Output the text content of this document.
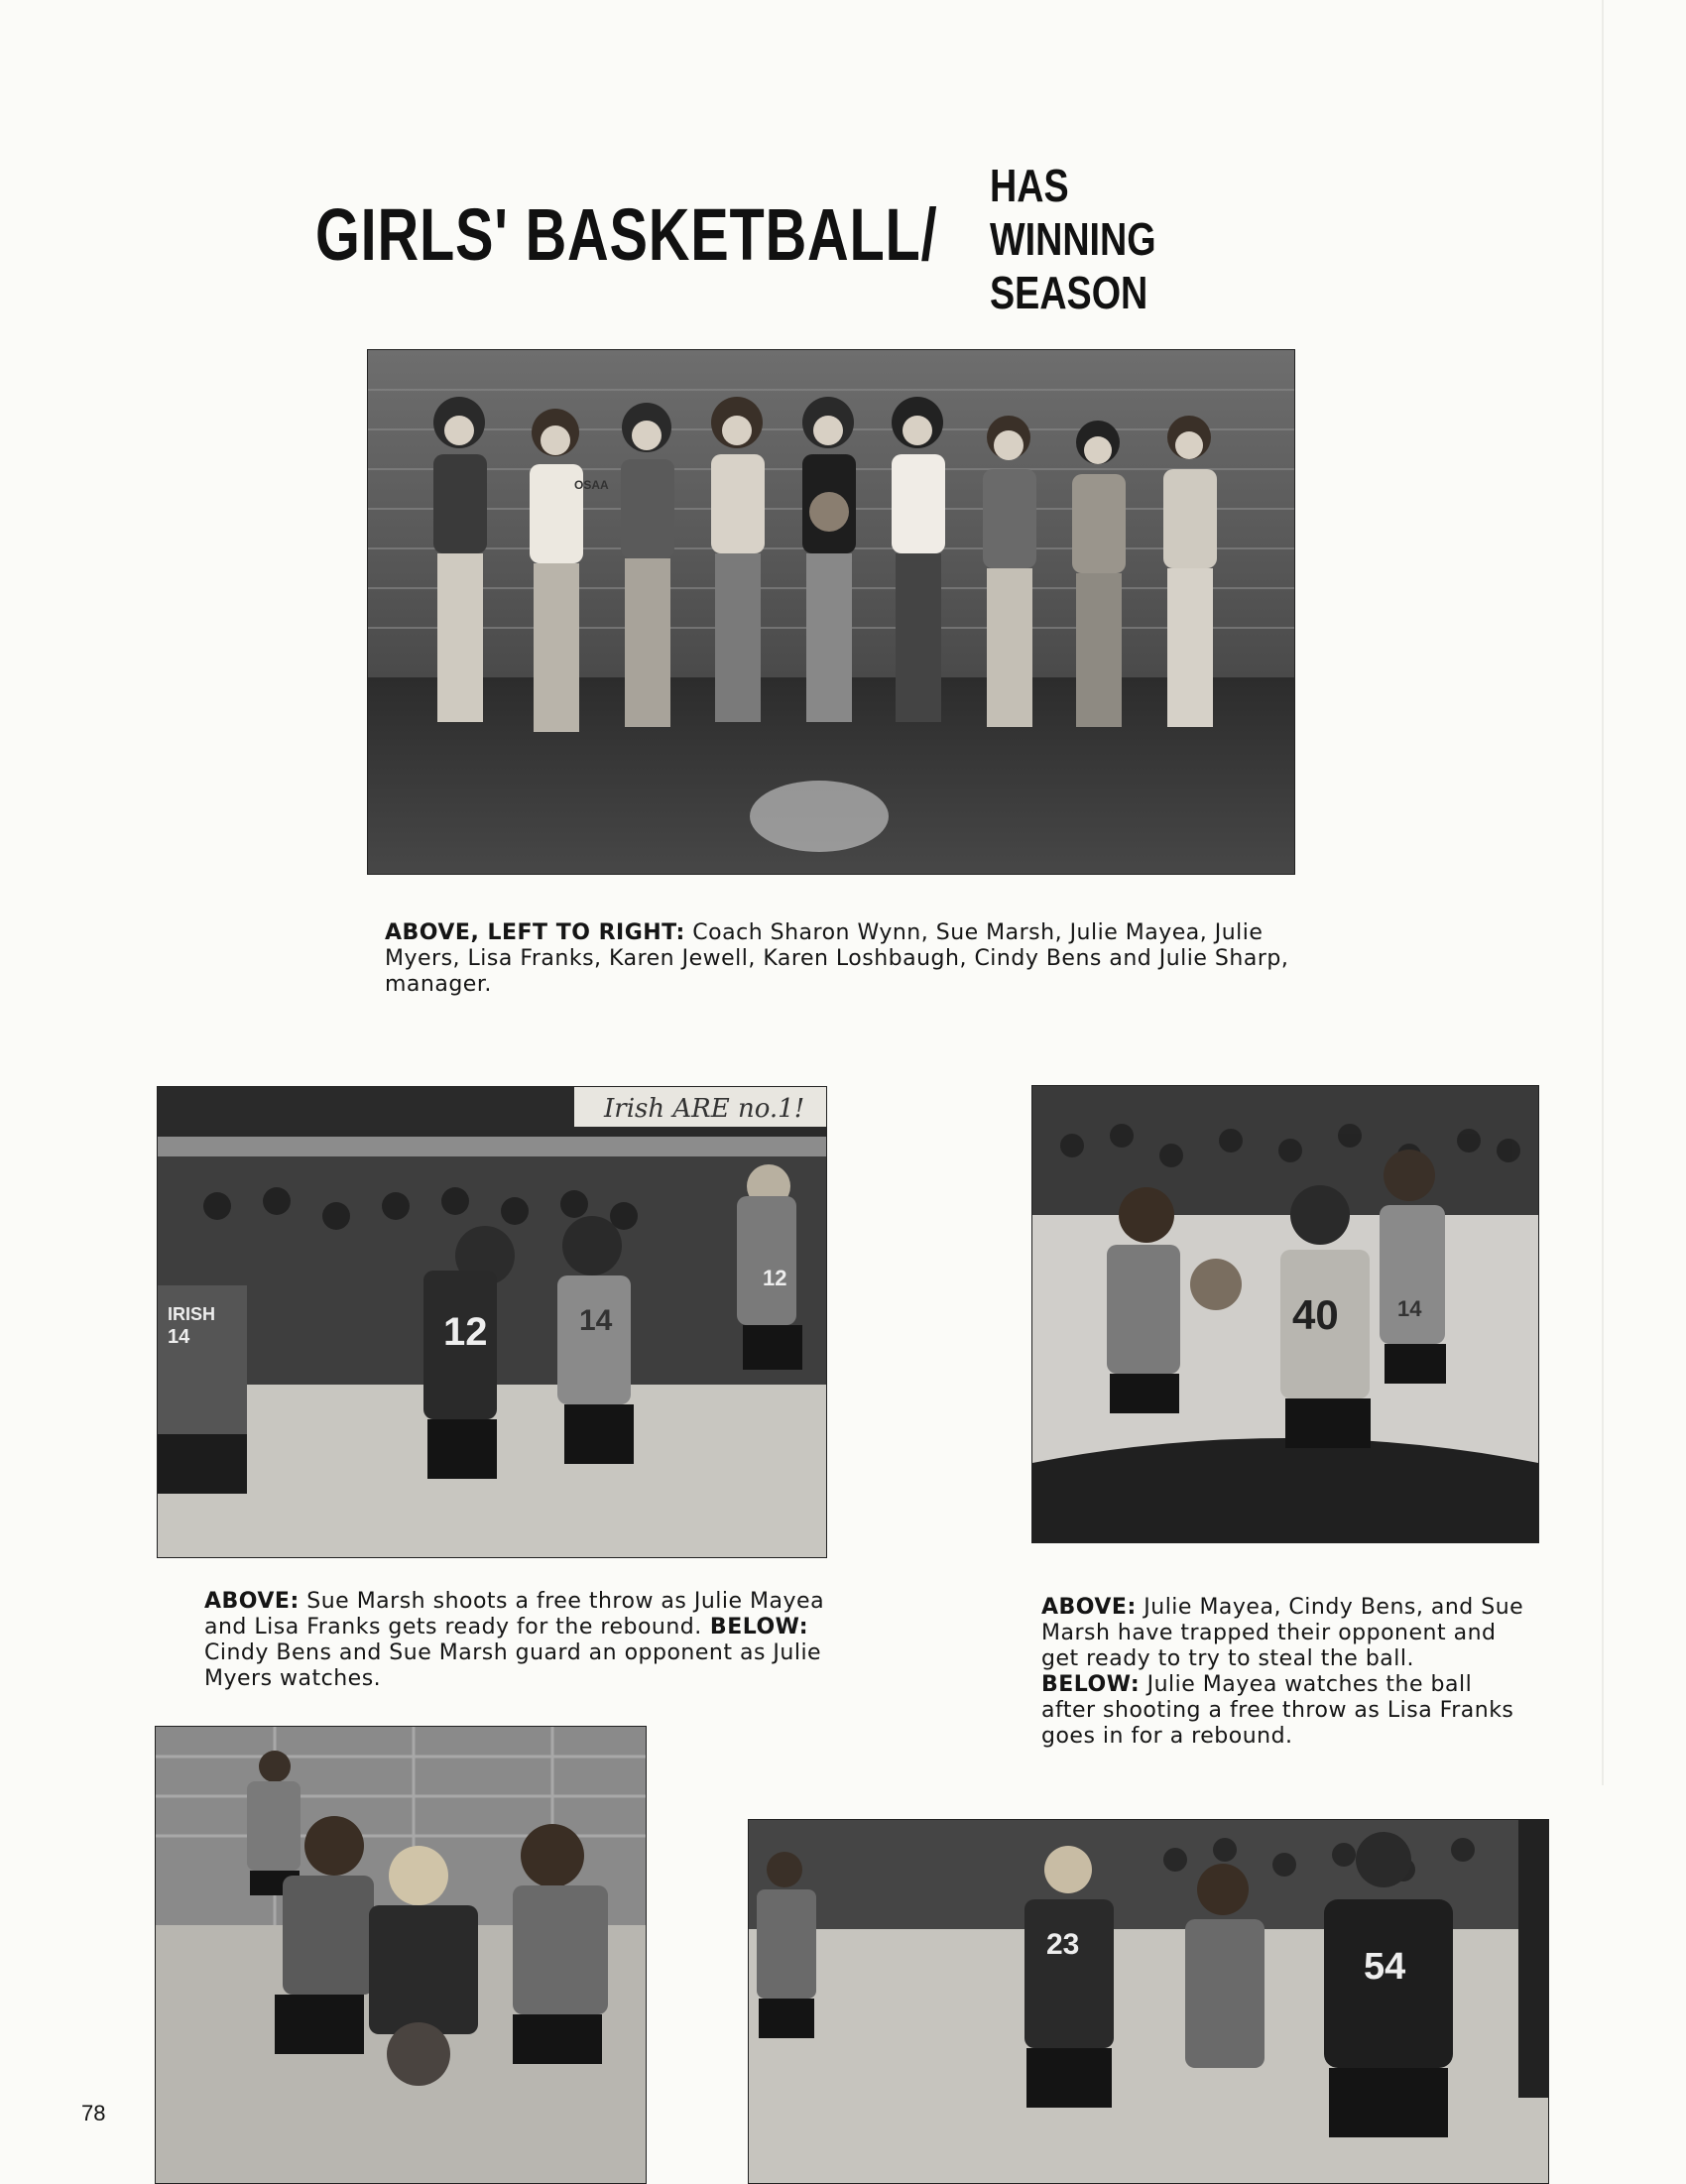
GIRLS' BASKETBALL/
HAS
WINNING
SEASON
OSAA
ABOVE, LEFT TO RIGHT: Coach Sharon Wynn, Sue Marsh, Julie Mayea, Julie Myers, Lisa Franks, Karen Jewell, Karen Loshbaugh, Cindy Bens and Julie Sharp, manager.
Irish ARE no.1!
IRISH	12
14
12
14	40	14
ABOVE: Sue Marsh shoots a free throw as Julie Mayea and Lisa Franks gets ready for the rebound. BELOW: Cindy Bens and Sue Marsh guard an opponent as Julie Myers watches.
ABOVE: Julie Mayea, Cindy Bens, and Sue Marsh have trapped their opponent and get ready to try to steal the ball.
BELOW: Julie Mayea watches the ball after shooting a free throw as Lisa Franks goes in for a rebound.
23
54
78
